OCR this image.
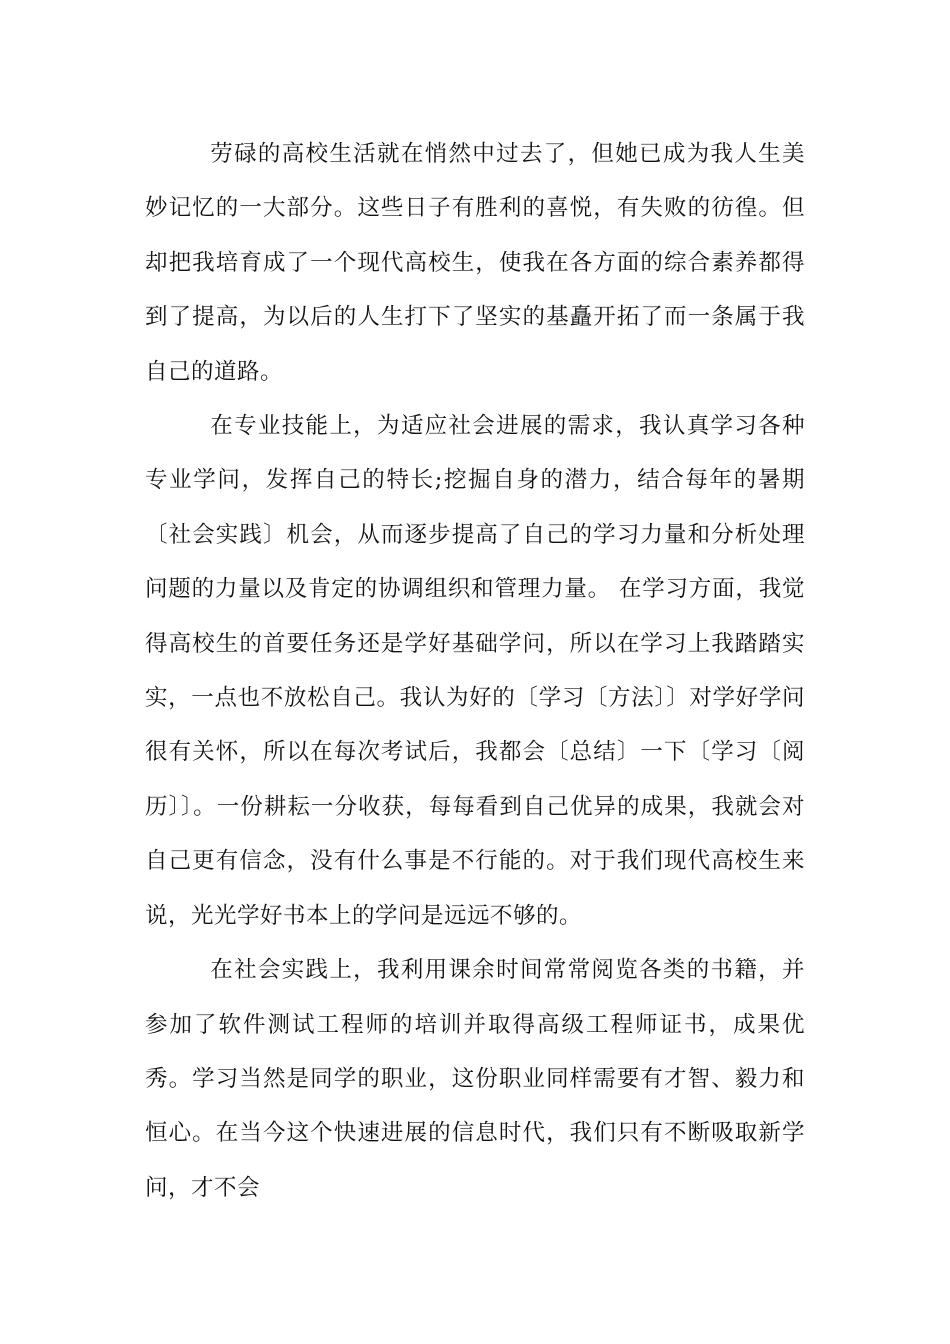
劳碌的高校生活就在悄然中过去了，但她已成为我人生美妙记忆的一大部分。这些日子有胜利的喜悦，有失败的彷徨。但却把我培育成了一个现代高校生，使我在各方面的综合素养都得到了提高，为以后的人生打下了坚实的基矗开拓了而一条属于我自己的道路。

在专业技能上，为适应社会进展的需求，我认真学习各种专业学问，发挥自己的特长;挖掘自身的潜力，结合每年的暑期〔社会实践〕机会，从而逐步提高了自己的学习力量和分析处理问题的力量以及肯定的协调组织和管理力量。 在学习方面，我觉得高校生的首要任务还是学好基础学问，所以在学习上我踏踏实实，一点也不放松自己。我认为好的〔学习〔方法〕〕对学好学问很有关怀，所以在每次考试后，我都会〔总结〕一下〔学习〔阅历〕〕。一份耕耘一分收获，每每看到自己优异的成果，我就会对自己更有信念，没有什么事是不行能的。对于我们现代高校生来说，光光学好书本上的学问是远远不够的。

在社会实践上，我利用课余时间常常阅览各类的书籍，并参加了软件测试工程师的培训并取得高级工程师证书，成果优秀。学习当然是同学的职业，这份职业同样需要有才智、毅力和恒心。在当今这个快速进展的信息时代，我们只有不断吸取新学问，才不会
